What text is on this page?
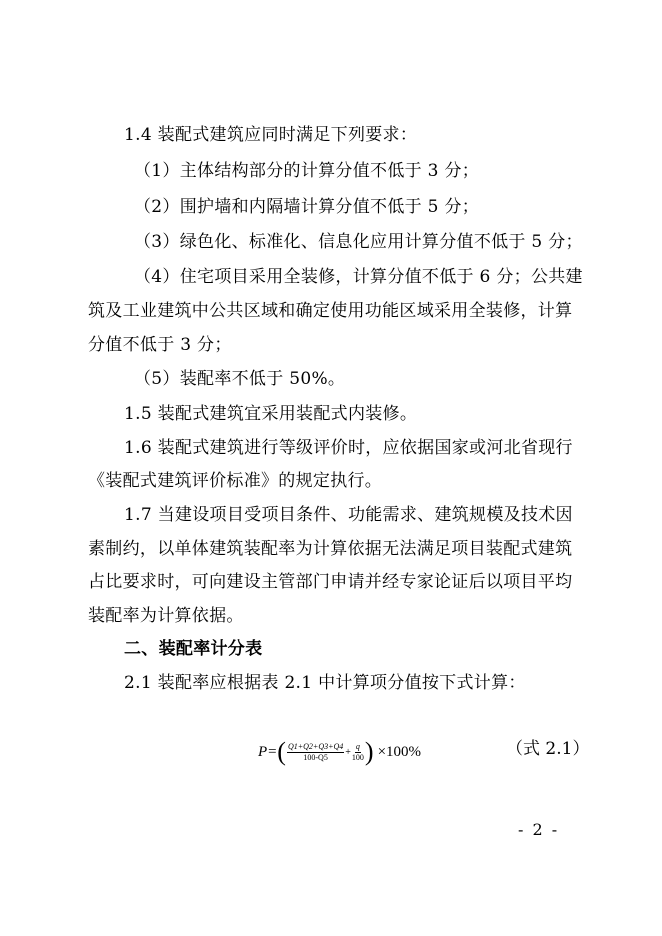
1.4 装配式建筑应同时满足下列要求：
（1）主体结构部分的计算分值不低于 3 分；
（2）围护墙和内隔墙计算分值不低于 5 分；
（3）绿色化、标准化、信息化应用计算分值不低于 5 分；
（4）住宅项目采用全装修，计算分值不低于 6 分；公共建
筑及工业建筑中公共区域和确定使用功能区域采用全装修，计算
分值不低于 3 分；
（5）装配率不低于 50%。
1.5 装配式建筑宜采用装配式内装修。
1.6 装配式建筑进行等级评价时，应依据国家或河北省现行
《装配式建筑评价标准》的规定执行。
1.7 当建设项目受项目条件、功能需求、建筑规模及技术因
素制约，以单体建筑装配率为计算依据无法满足项目装配式建筑
占比要求时，可向建设主管部门申请并经专家论证后以项目平均
装配率为计算依据。
二、装配率计分表
2.1 装配率应根据表 2.1 中计算项分值按下式计算：
P= ( $\frac{Q1+Q2+Q3+Q4}{100-Q5} + \frac{q}{100}$ ) ×100%	（式 2.1）
- 2 -
